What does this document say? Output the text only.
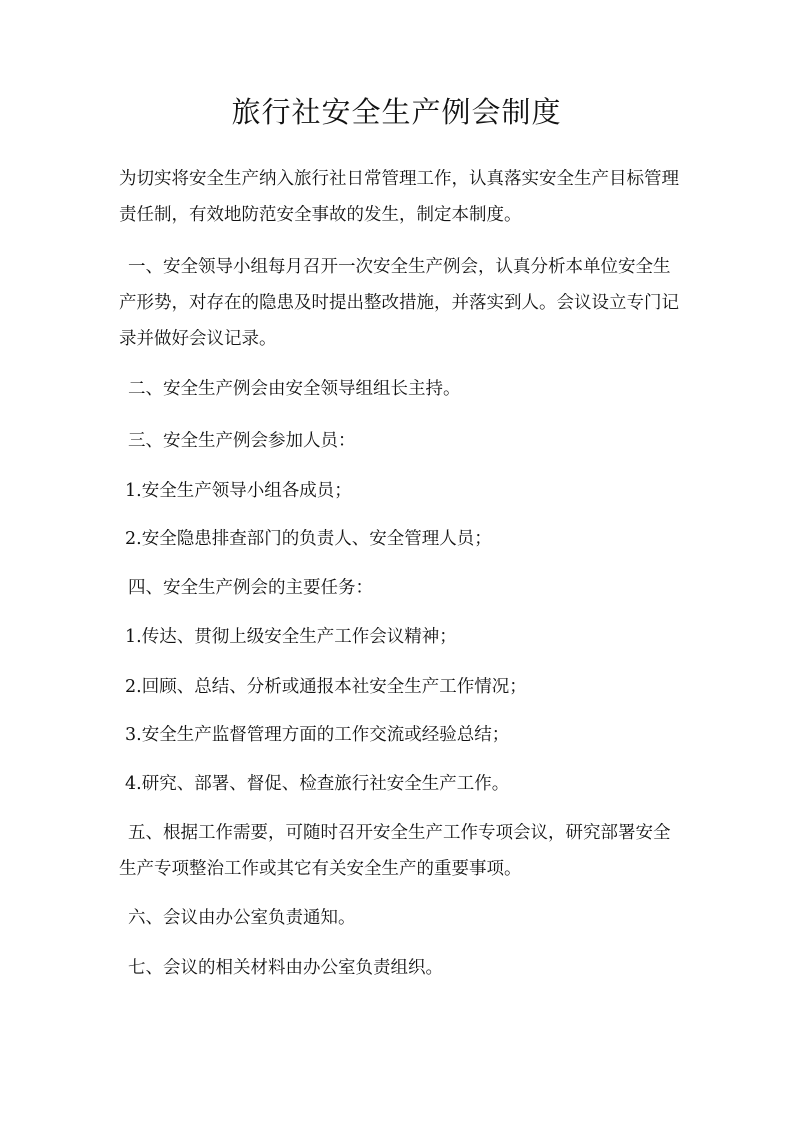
旅行社安全生产例会制度

为切实将安全生产纳入旅行社日常管理工作，认真落实安全生产目标管理责任制，有效地防范安全事故的发生，制定本制度。

一、安全领导小组每月召开一次安全生产例会，认真分析本单位安全生产形势，对存在的隐患及时提出整改措施，并落实到人。会议设立专门记录并做好会议记录。

二、安全生产例会由安全领导组组长主持。

三、安全生产例会参加人员：

1.安全生产领导小组各成员；

2.安全隐患排查部门的负责人、安全管理人员；

四、安全生产例会的主要任务：

1.传达、贯彻上级安全生产工作会议精神；

2.回顾、总结、分析或通报本社安全生产工作情况；

3.安全生产监督管理方面的工作交流或经验总结；

4.研究、部署、督促、检查旅行社安全生产工作。

五、根据工作需要，可随时召开安全生产工作专项会议，研究部署安全生产专项整治工作或其它有关安全生产的重要事项。

六、会议由办公室负责通知。

七、会议的相关材料由办公室负责组织。
